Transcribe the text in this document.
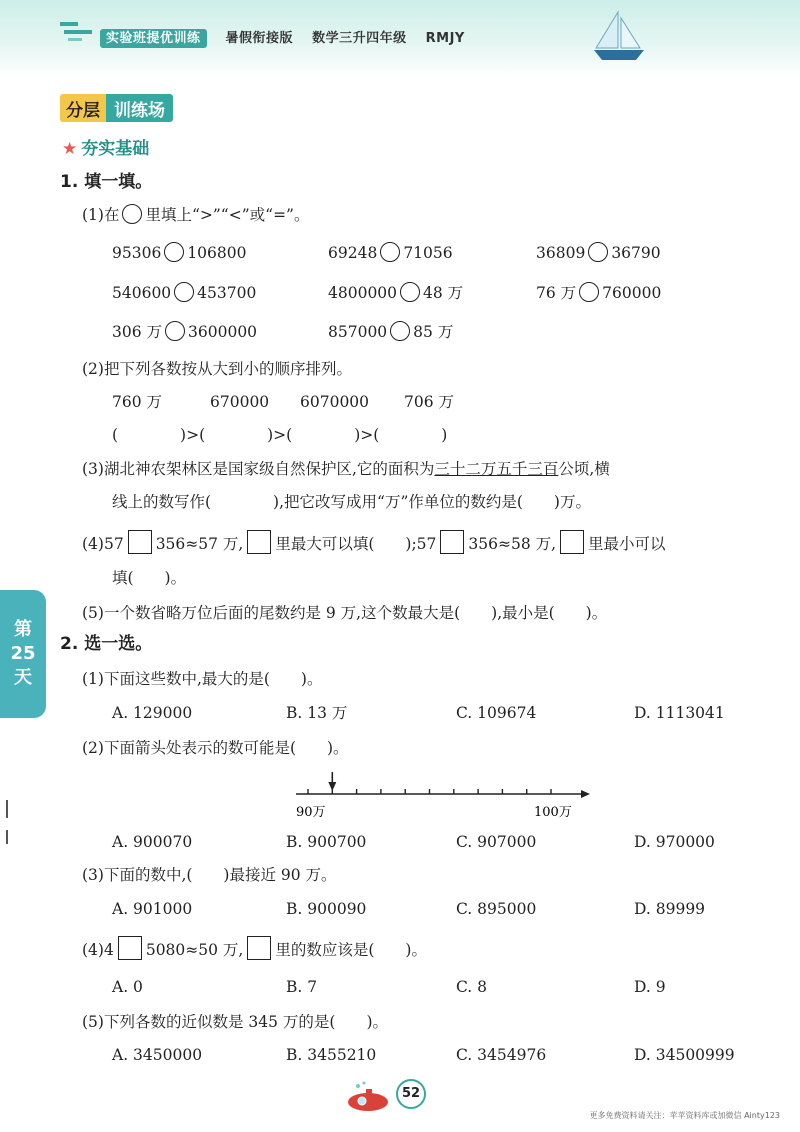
实验班提优训练 暑假衔接版 数学三升四年级 RMJY
分层 训练场
★ 夯实基础
1. 填一填。
(1)在 里填上“>”“<”或“=”。
95306 106800	69248 71056	36809 36790
540600 453700	4800000 48 万	76 万 760000
306 万 3600000	857000 85 万
(2)把下列各数按从大到小的顺序排列。
760 万	670000 6070000 706 万
(　　　　)>(　　　　)>(　　　　)>(　　　　)
(3)湖北神农架林区是国家级自然保护区,它的面积为三十二万五千三百公顷,横
线上的数写作(　　　　),把它改写成用“万”作单位的数约是(　　)万。
(4)57 356≈57 万, 里最大可以填(　　);57 356≈58 万, 里最小可以
填(　　)。
(5)一个数省略万位后面的尾数约是 9 万,这个数最大是(　　),最小是(　　)。
第
25
天
2. 选一选。
(1)下面这些数中,最大的是(　　)。
A. 129000	B. 13 万	C. 109674	D. 1113041
(2)下面箭头处表示的数可能是(　　)。
90万	100万
A. 900070	B. 900700	C. 907000	D. 970000
(3)下面的数中,(　　)最接近 90 万。
A. 901000	B. 900090	C. 895000	D. 89999
(4)4 5080≈50 万, 里的数应该是(　　)。
A. 0	B. 7	C. 8	D. 9
(5)下列各数的近似数是 345 万的是(　　)。
A. 3450000	B. 3455210	C. 3454976	D. 34500999
52
更多免费资料请关注：苹苹资料库或加微信 Ainty123
